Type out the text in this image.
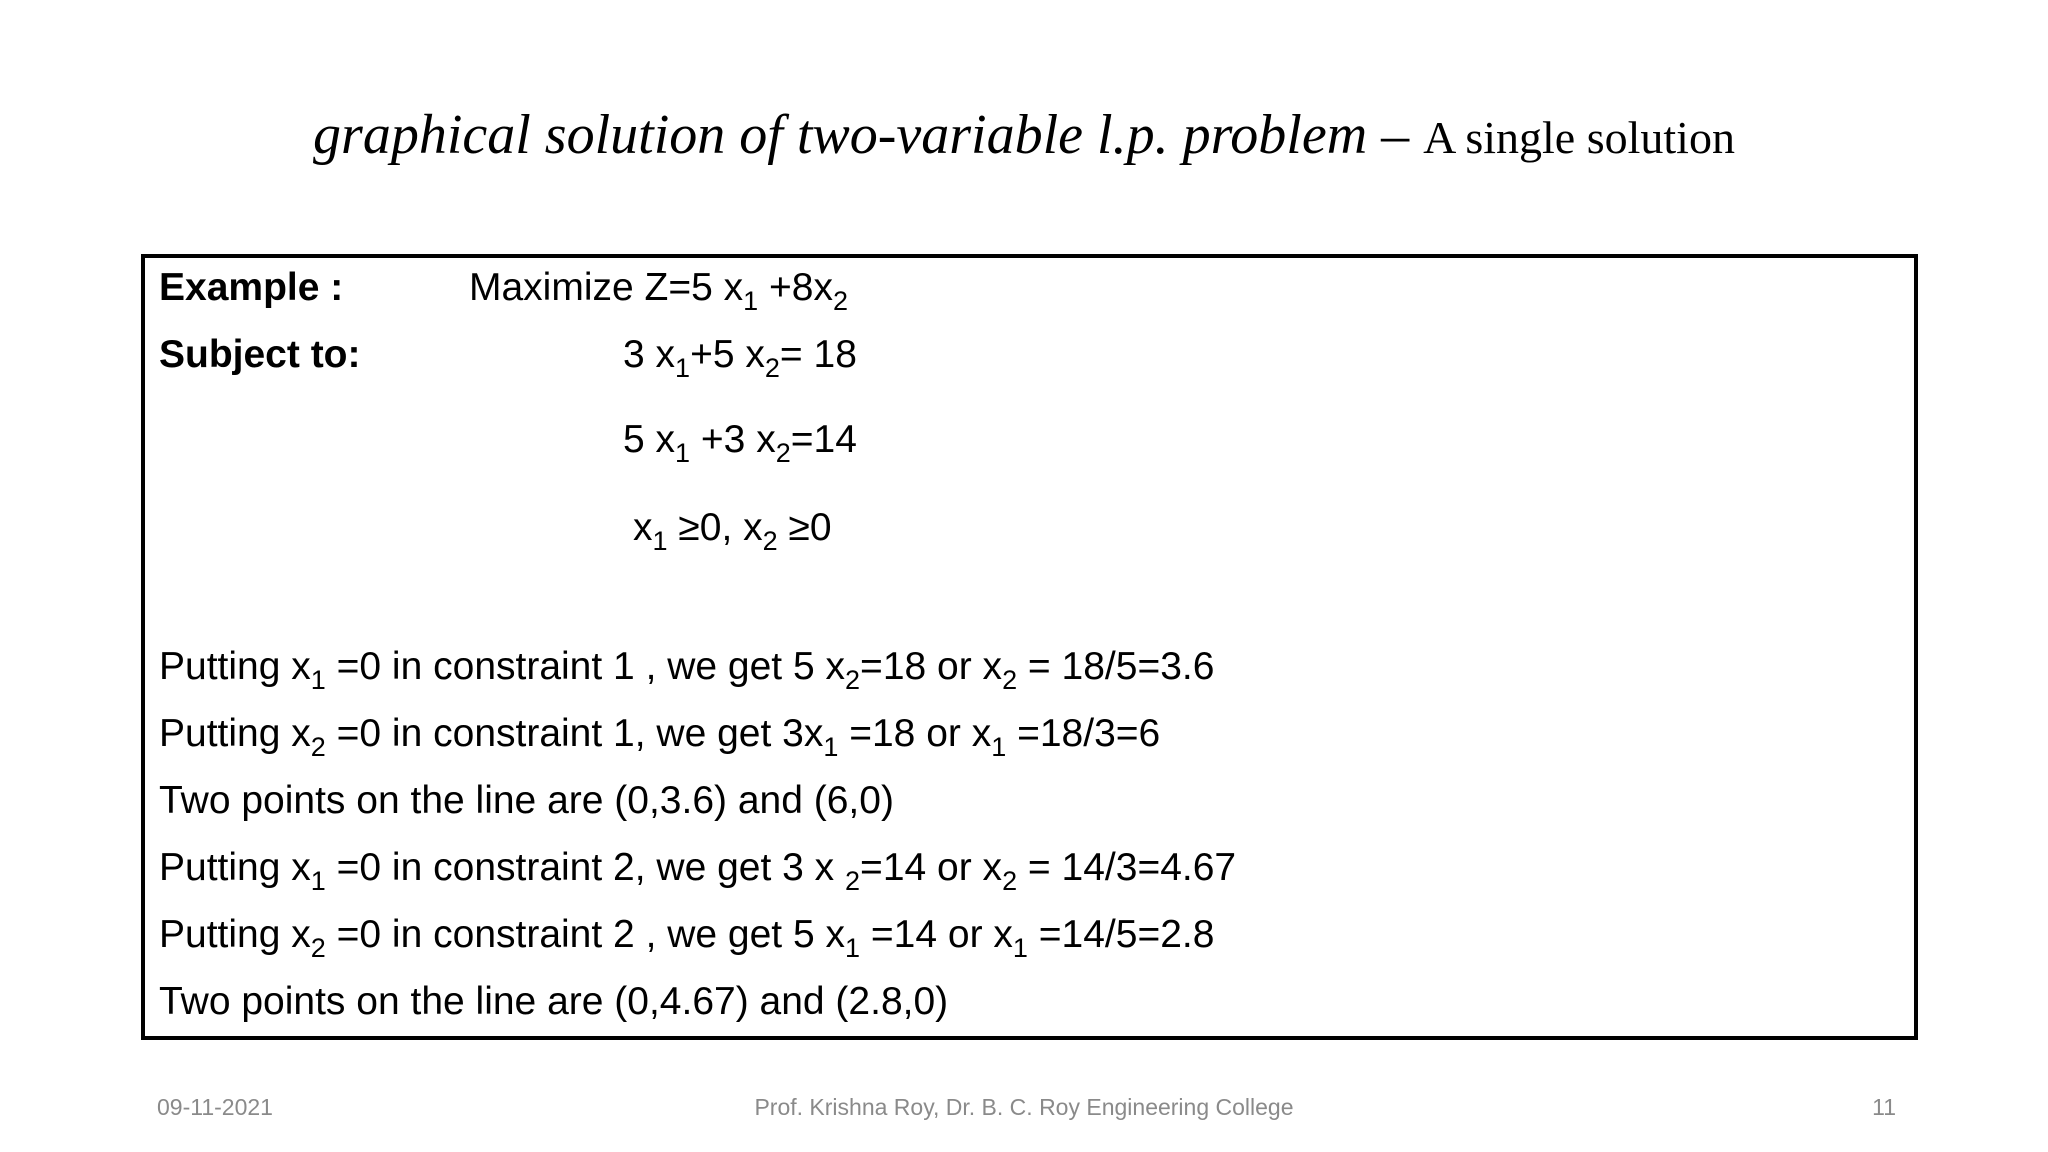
graphical solution of two-variable l.p. problem – A single solution
Example :	Maximize Z=5 $x_1 +8x_2$
Subject to:	3 $x_1+5$ $x_2= 18$
5 $x_1 +3$ $x_2=14$
$x_1 \ge 0$, $x_2 \ge 0$
Putting $x_1 =0$ in constraint 1 , we get 5 $x_2=18$ or $x_2 = 18/5=3.6$
Putting $x_2 =0$ in constraint 1, we get $3x_1 =18$ or $x_1 =18/3=6$
Two points on the line are (0,3.6) and (6,0)
Putting $x_1 =0$ in constraint 2, we get 3 x $_2$=14 or $x_2 = 14/3=4.67$
Putting $x_2 =0$ in constraint 2 , we get 5 $x_1 =14$ or $x_1 =14/5=2.8$
Two points on the line are (0,4.67) and (2.8,0)
09-11-2021	Prof. Krishna Roy, Dr. B. C. Roy Engineering College	11
